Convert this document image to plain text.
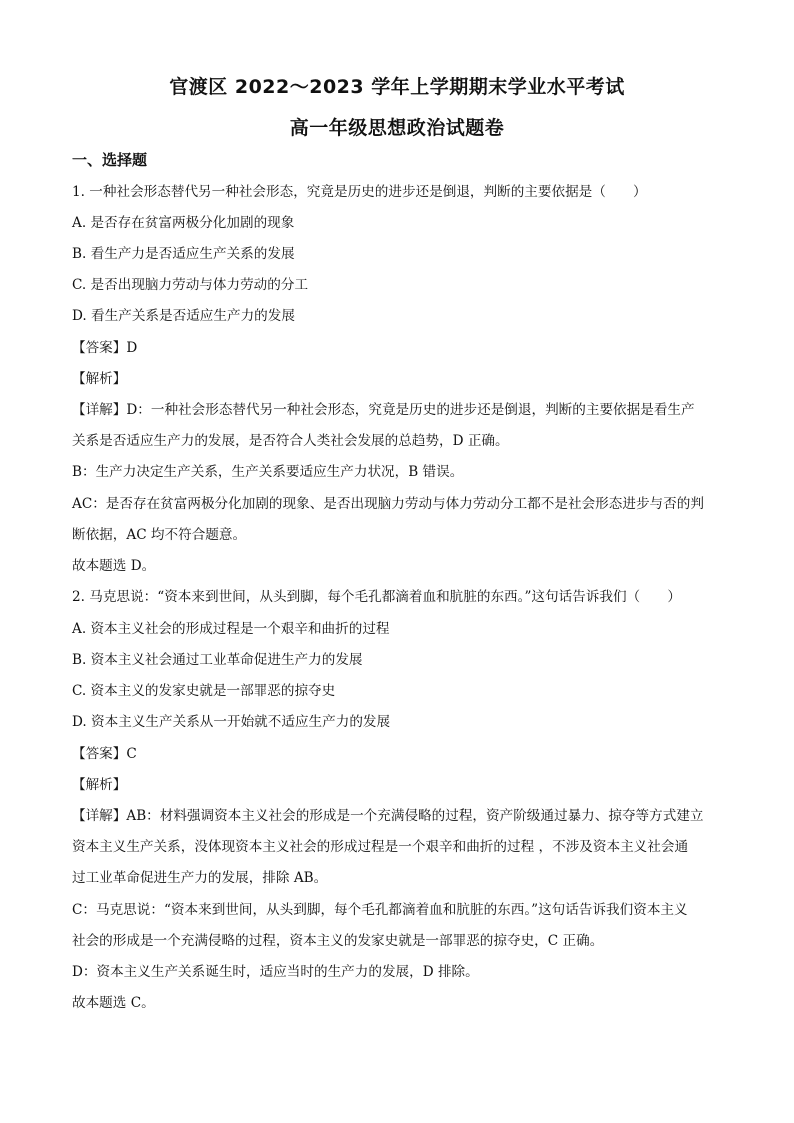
官渡区 2022～2023 学年上学期期末学业水平考试
高一年级思想政治试题卷
一、选择题
1. 一种社会形态替代另一种社会形态，究竟是历史的进步还是倒退，判断的主要依据是（　　）
A. 是否存在贫富两极分化加剧的现象
B. 看生产力是否适应生产关系的发展
C. 是否出现脑力劳动与体力劳动的分工
D. 看生产关系是否适应生产力的发展
【答案】D
【解析】
【详解】D：一种社会形态替代另一种社会形态，究竟是历史的进步还是倒退，判断的主要依据是看生产
关系是否适应生产力的发展，是否符合人类社会发展的总趋势，D 正确。
B：生产力决定生产关系，生产关系要适应生产力状况，B 错误。
AC：是否存在贫富两极分化加剧的现象、是否出现脑力劳动与体力劳动分工都不是社会形态进步与否的判
断依据，AC 均不符合题意。
故本题选 D。
2. 马克思说：“资本来到世间，从头到脚，每个毛孔都滴着血和肮脏的东西。”这句话告诉我们（　　）
A. 资本主义社会的形成过程是一个艰辛和曲折的过程
B. 资本主义社会通过工业革命促进生产力的发展
C. 资本主义的发家史就是一部罪恶的掠夺史
D. 资本主义生产关系从一开始就不适应生产力的发展
【答案】C
【解析】
【详解】AB：材料强调资本主义社会的形成是一个充满侵略的过程，资产阶级通过暴力、掠夺等方式建立
资本主义生产关系，没体现资本主义社会的形成过程是一个艰辛和曲折的过程 ，不涉及资本主义社会通
过工业革命促进生产力的发展，排除 AB。
C：马克思说：“资本来到世间，从头到脚，每个毛孔都滴着血和肮脏的东西。”这句话告诉我们资本主义
社会的形成是一个充满侵略的过程，资本主义的发家史就是一部罪恶的掠夺史，C 正确。
D：资本主义生产关系诞生时，适应当时的生产力的发展，D 排除。
故本题选 C。
